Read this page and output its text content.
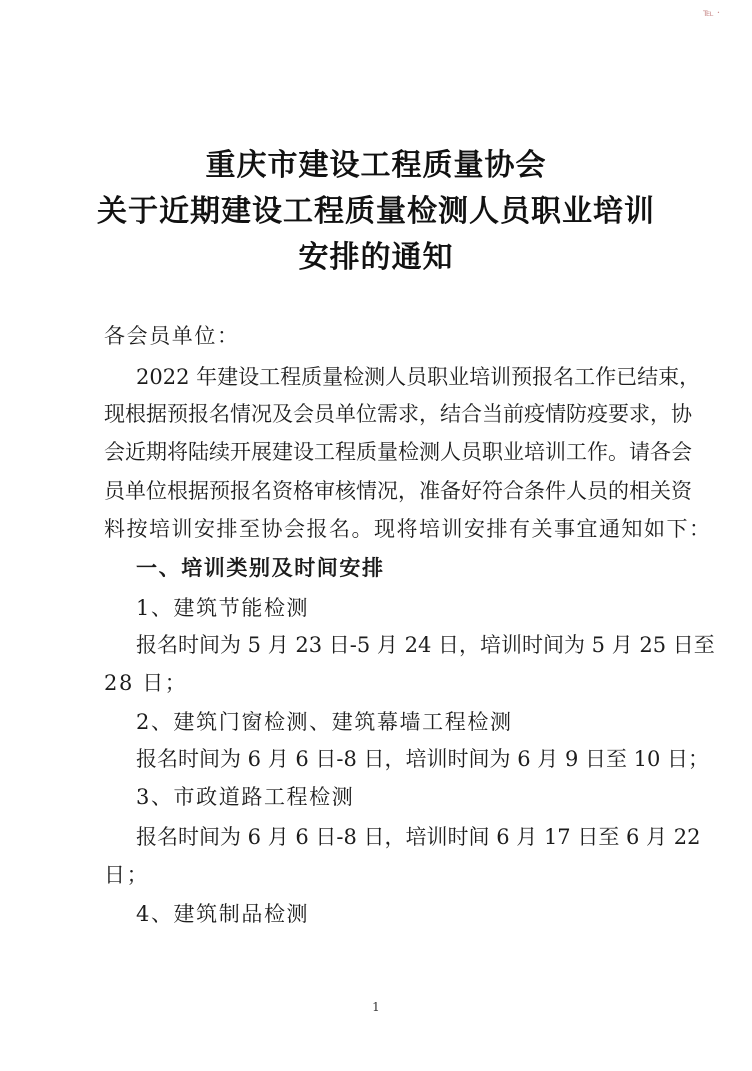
℡ ·
重庆市建设工程质量协会
关于近期建设工程质量检测人员职业培训
安排的通知
各会员单位：
2022 年建设工程质量检测人员职业培训预报名工作已结束，
现根据预报名情况及会员单位需求，结合当前疫情防疫要求，协
会近期将陆续开展建设工程质量检测人员职业培训工作。请各会
员单位根据预报名资格审核情况，准备好符合条件人员的相关资
料按培训安排至协会报名。现将培训安排有关事宜通知如下：
一、培训类别及时间安排
1、建筑节能检测
报名时间为 5 月 23 日-5 月 24 日，培训时间为 5 月 25 日至
28 日；
2、建筑门窗检测、建筑幕墙工程检测
报名时间为 6 月 6 日-8 日，培训时间为 6 月 9 日至 10 日；
3、市政道路工程检测
报名时间为 6 月 6 日-8 日，培训时间 6 月 17 日至 6 月 22
日；
4、建筑制品检测
1
